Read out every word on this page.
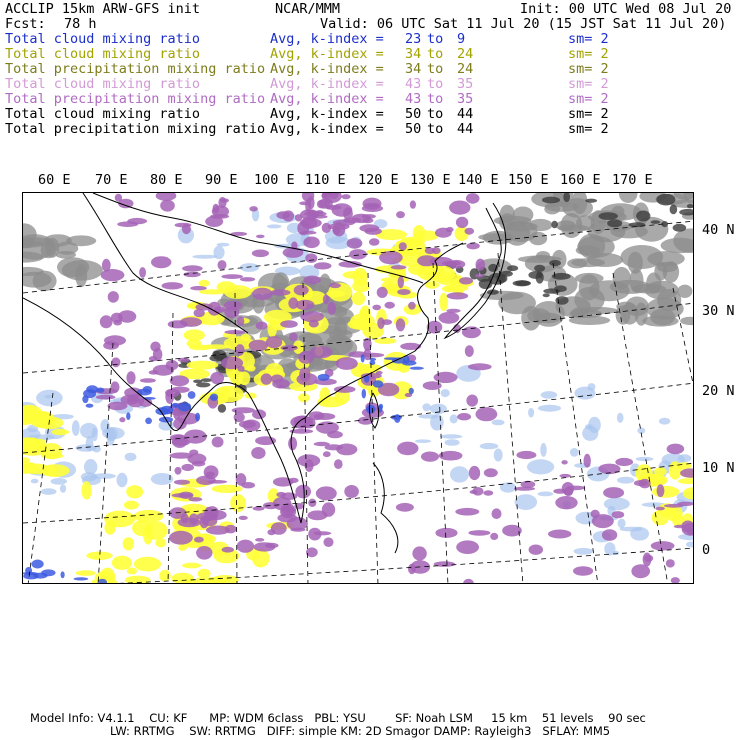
ACCLIP 15km ARW-GFS init	NCAR/MMM	Init: 00 UTC Wed 08 Jul 20
Fcst: 78 h	Valid: 06 UTC Sat 11 Jul 20 (15 JST Sat 11 Jul 20)
Total cloud mixing ratio	Avg, k-index = 23 to 9	sm= 2
Total cloud mixing ratio	Avg, k-index = 34 to 24	sm= 2
Total precipitation mixing ratio Avg, k-index = 34 to 24	sm= 2
Total cloud mixing ratio	Avg, k-index = 43 to 35	sm= 2
Total precipitation mixing ratio Avg, k-index = 43 to 35	sm= 2
Total cloud mixing ratio	Avg, k-index = 50 to 44	sm= 2
Total precipitation mixing ratio Avg, k-index = 50 to 44	sm= 2
60 E 70 E 80 E 90 E 100 E 110 E 120 E 130 E 140 E 150 E 160 E 170 E
40 N
30 N
20 N
10 N
0
Model Info: V4.1.1    CU: KF      MP: WDM 6class   PBL: YSU        SF: Noah LSM     15 km    51 levels    90 sec
LW: RRTMG    SW: RRTMG   DIFF: simple KM: 2D Smagor DAMP: Rayleigh3   SFLAY: MM5
